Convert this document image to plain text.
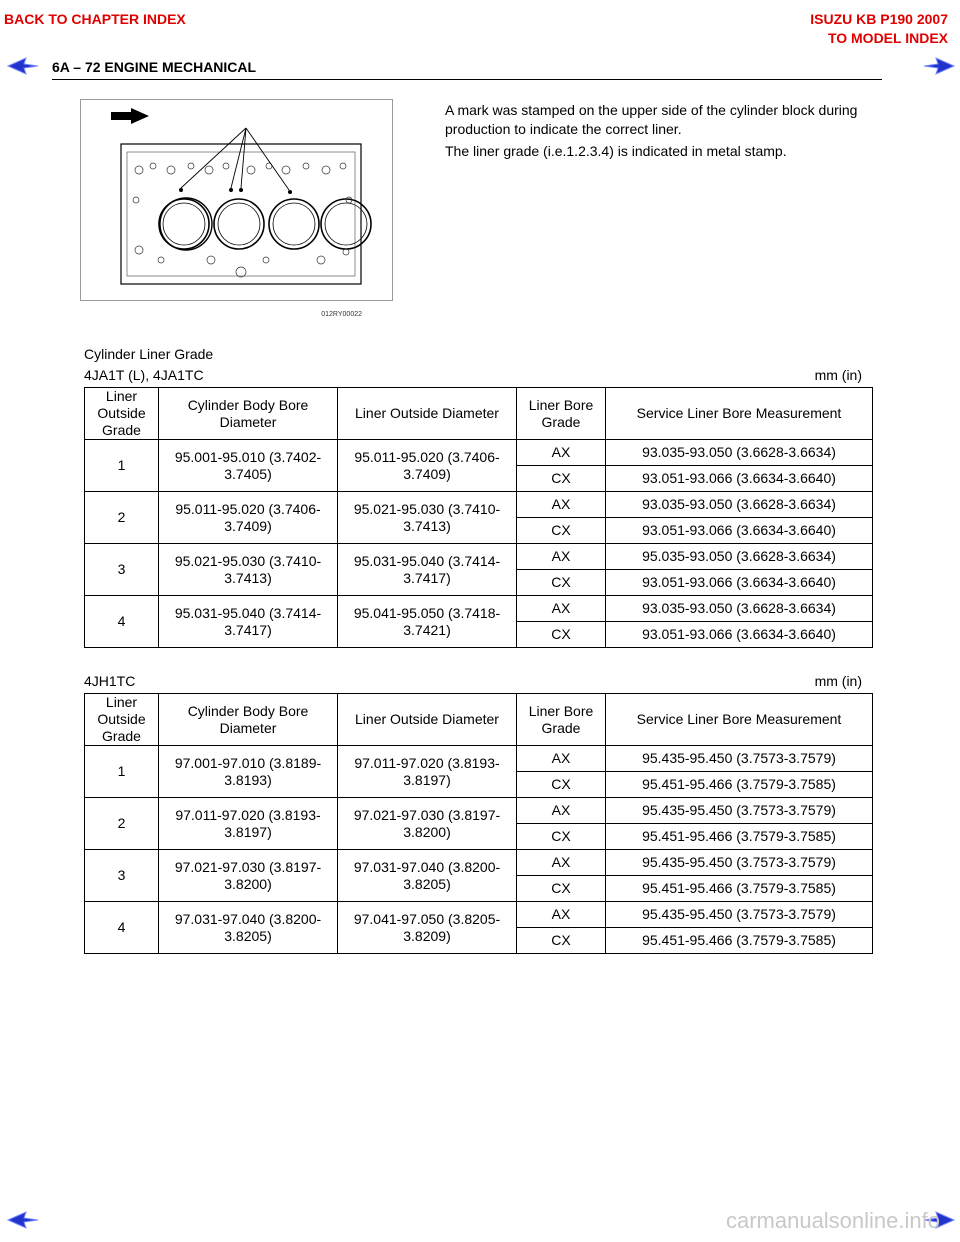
BACK TO CHAPTER INDEX	ISUZU KB P190 2007
TO MODEL INDEX
6A – 72 ENGINE MECHANICAL
012RY00022
A mark was stamped on the upper side of the cylinder block during production to indicate the correct liner.
The liner grade (i.e.1.2.3.4) is indicated in metal stamp.
Cylinder Liner Grade
4JA1T (L), 4JA1TC	mm (in)
Liner Outside Grade	Cylinder Body Bore Diameter	Liner Outside Diameter	Liner Bore Grade	Service Liner Bore Measurement
1	95.001-95.010 (3.7402-3.7405)	95.011-95.020 (3.7406-3.7409)	AX	93.035-93.050 (3.6628-3.6634)
			CX	93.051-93.066 (3.6634-3.6640)
2	95.011-95.020 (3.7406-3.7409)	95.021-95.030 (3.7410-3.7413)	AX	93.035-93.050 (3.6628-3.6634)
			CX	93.051-93.066 (3.6634-3.6640)
3	95.021-95.030 (3.7410-3.7413)	95.031-95.040 (3.7414-3.7417)	AX	95.035-93.050 (3.6628-3.6634)
			CX	93.051-93.066 (3.6634-3.6640)
4	95.031-95.040 (3.7414-3.7417)	95.041-95.050 (3.7418-3.7421)	AX	93.035-93.050 (3.6628-3.6634)
			CX	93.051-93.066 (3.6634-3.6640)
4JH1TC	mm (in)
Liner Outside Grade	Cylinder Body Bore Diameter	Liner Outside Diameter	Liner Bore Grade	Service Liner Bore Measurement
1	97.001-97.010 (3.8189-3.8193)	97.011-97.020 (3.8193-3.8197)	AX	95.435-95.450 (3.7573-3.7579)
			CX	95.451-95.466 (3.7579-3.7585)
2	97.011-97.020 (3.8193-3.8197)	97.021-97.030 (3.8197-3.8200)	AX	95.435-95.450 (3.7573-3.7579)
			CX	95.451-95.466 (3.7579-3.7585)
3	97.021-97.030 (3.8197-3.8200)	97.031-97.040 (3.8200-3.8205)	AX	95.435-95.450 (3.7573-3.7579)
			CX	95.451-95.466 (3.7579-3.7585)
4	97.031-97.040 (3.8200-3.8205)	97.041-97.050 (3.8205-3.8209)	AX	95.435-95.450 (3.7573-3.7579)
			CX	95.451-95.466 (3.7579-3.7585)
carmanualsonline.info
